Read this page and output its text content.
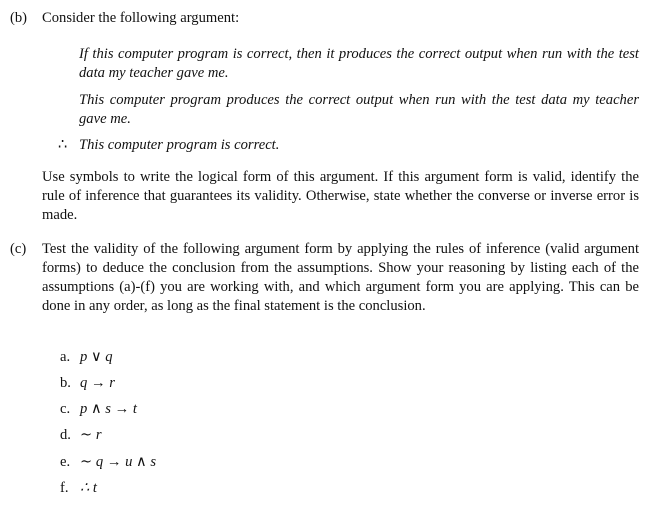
(b) Consider the following argument:
If this computer program is correct, then it produces the correct output when run with the test data my teacher gave me.
This computer program produces the correct output when run with the test data my teacher gave me.
∴ This computer program is correct.
Use symbols to write the logical form of this argument. If this argument form is valid, identify the rule of inference that guarantees its validity. Otherwise, state whether the converse or inverse error is made.
(c) Test the validity of the following argument form by applying the rules of inference (valid argument forms) to deduce the conclusion from the assumptions. Show your reasoning by listing each of the assumptions (a)-(f) you are working with, and which argument form you are applying. This can be done in any order, as long as the final statement is the conclusion.
a. p ∨ q
b. q → r
c. p ∧ s → t
d. ∼ r
e. ∼ q → u ∧ s
f. ∴ t
